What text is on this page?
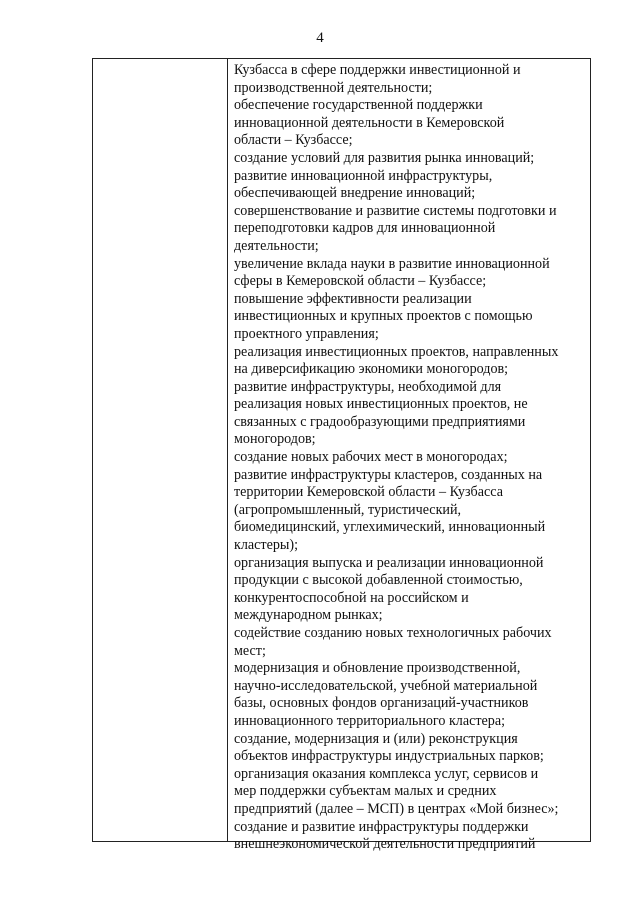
4
Кузбасса в сфере поддержки инвестиционной и
производственной деятельности;
обеспечение государственной поддержки
инновационной деятельности в Кемеровской
области – Кузбассе;
создание условий для развития рынка инноваций;
развитие инновационной инфраструктуры,
обеспечивающей внедрение инноваций;
совершенствование и развитие системы подготовки и
переподготовки кадров для инновационной
деятельности;
увеличение вклада науки в развитие инновационной
сферы в Кемеровской области – Кузбассе;
повышение эффективности реализации
инвестиционных и крупных проектов с помощью
проектного управления;
реализация инвестиционных проектов, направленных
на диверсификацию экономики моногородов;
развитие инфраструктуры, необходимой для
реализация новых инвестиционных проектов, не
связанных с градообразующими предприятиями
моногородов;
создание новых рабочих мест в моногородах;
развитие инфраструктуры кластеров, созданных на
территории Кемеровской области – Кузбасса
(агропромышленный, туристический,
биомедицинский, углехимический, инновационный
кластеры);
организация выпуска и реализации инновационной
продукции с высокой добавленной стоимостью,
конкурентоспособной на российском и
международном рынках;
содействие созданию новых технологичных рабочих
мест;
модернизация и обновление производственной,
научно-исследовательской, учебной материальной
базы, основных фондов организаций-участников
инновационного территориального кластера;
создание, модернизация и (или) реконструкция
объектов инфраструктуры индустриальных парков;
организация оказания комплекса услуг, сервисов и
мер поддержки субъектам малых и средних
предприятий (далее – МСП) в центрах «Мой бизнес»;
создание и развитие инфраструктуры поддержки
внешнеэкономической деятельности предприятий
